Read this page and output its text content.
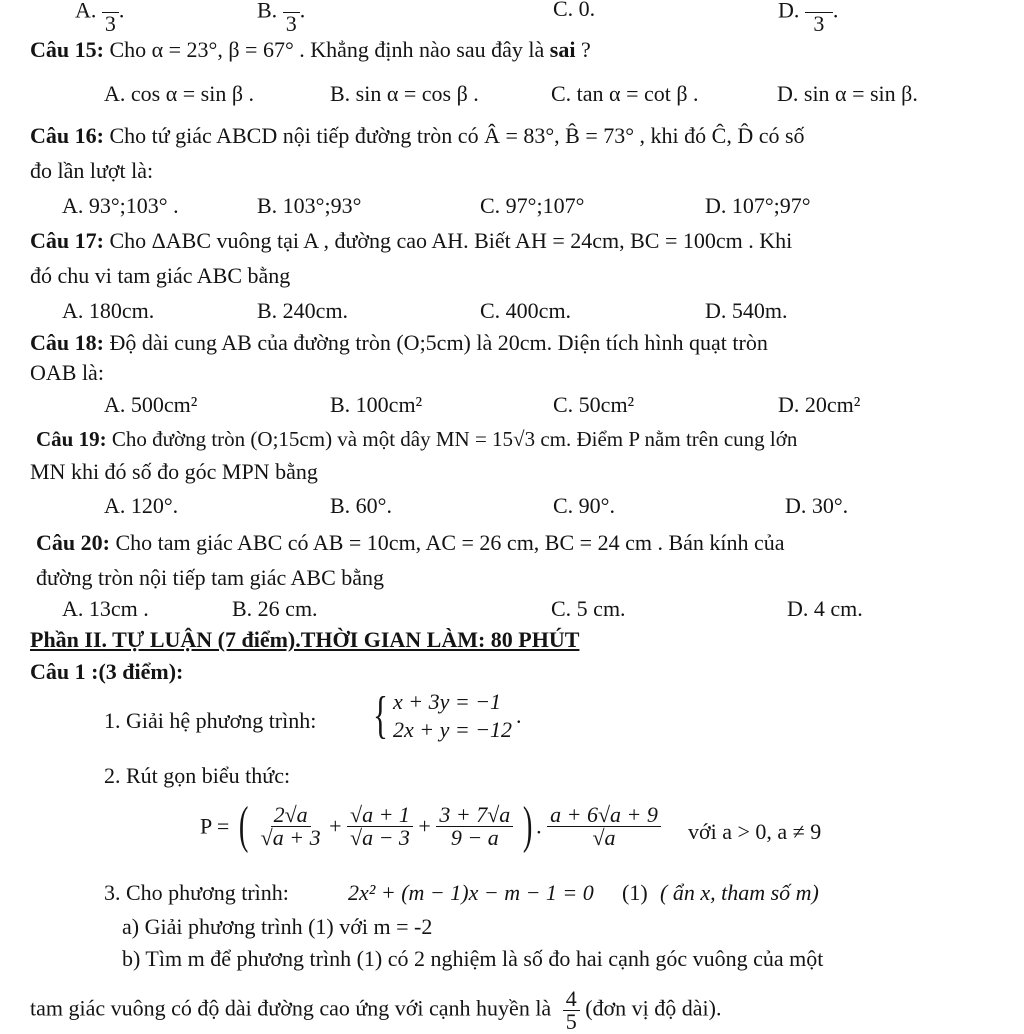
A.

3
.	B.

3
.	C. 0.	D.

3
.
Câu 15: Cho α = 23°, β = 67° . Khẳng định nào sau đây là sai ?
A. cos α = sin β .	B. sin α = cos β .	C. tan α = cot β .	D. sin α = sin β.
Câu 16: Cho tứ giác ABCD nội tiếp đường tròn có Â = 83°, B̂ = 73° , khi đó Ĉ, D̂ có số
đo lần lượt là:
A. 93°;103° .	B. 103°;93°	C. 97°;107°	D. 107°;97°
Câu 17: Cho ΔABC vuông tại A , đường cao AH. Biết AH = 24cm, BC = 100cm . Khi
đó chu vi tam giác ABC bằng
A. 180cm.	B. 240cm.	C. 400cm.	D. 540m.
Câu 18: Độ dài cung AB của đường tròn (O;5cm) là 20cm. Diện tích hình quạt tròn
OAB là:
A. 500cm²	B. 100cm²	C. 50cm²	D. 20cm²
Câu 19: Cho đường tròn (O;15cm) và một dây MN = 15√3 cm. Điểm P nằm trên cung lớn
MN khi đó số đo góc MPN bằng
A. 120°.	B. 60°.	C. 90°.	D. 30°.
Câu 20: Cho tam giác ABC có AB = 10cm, AC = 26 cm, BC = 24 cm . Bán kính của
đường tròn nội tiếp tam giác ABC bằng
A. 13cm .	B. 26 cm.	C. 5 cm.	D. 4 cm.
Phần II. TỰ LUẬN (7 điểm).THỜI GIAN LÀM: 80 PHÚT
Câu 1 :(3 điểm):
1. Giải hệ phương trình: { x + 3y = −1
2x + y = −12
.
2. Rút gọn biểu thức:
P = ( $\frac{2√a}{√a + 3} + \frac{√a + 1}{√a - 3} + \frac{3 + 7√a}{9 - a}$ ) . $\frac{a + 6√a + 9}{√a}$ với a > 0, a ≠ 9
3. Cho phương trình:	2x² + (m − 1)x − m − 1 = 0 (1) ( ẩn x, tham số m)
a) Giải phương trình (1) với m = -2
b) Tìm m để phương trình (1) có 2 nghiệm là số đo hai cạnh góc vuông của một
tam giác vuông có độ dài đường cao ứng với cạnh huyền là $\frac{4}{5}$ (đơn vị độ dài).
